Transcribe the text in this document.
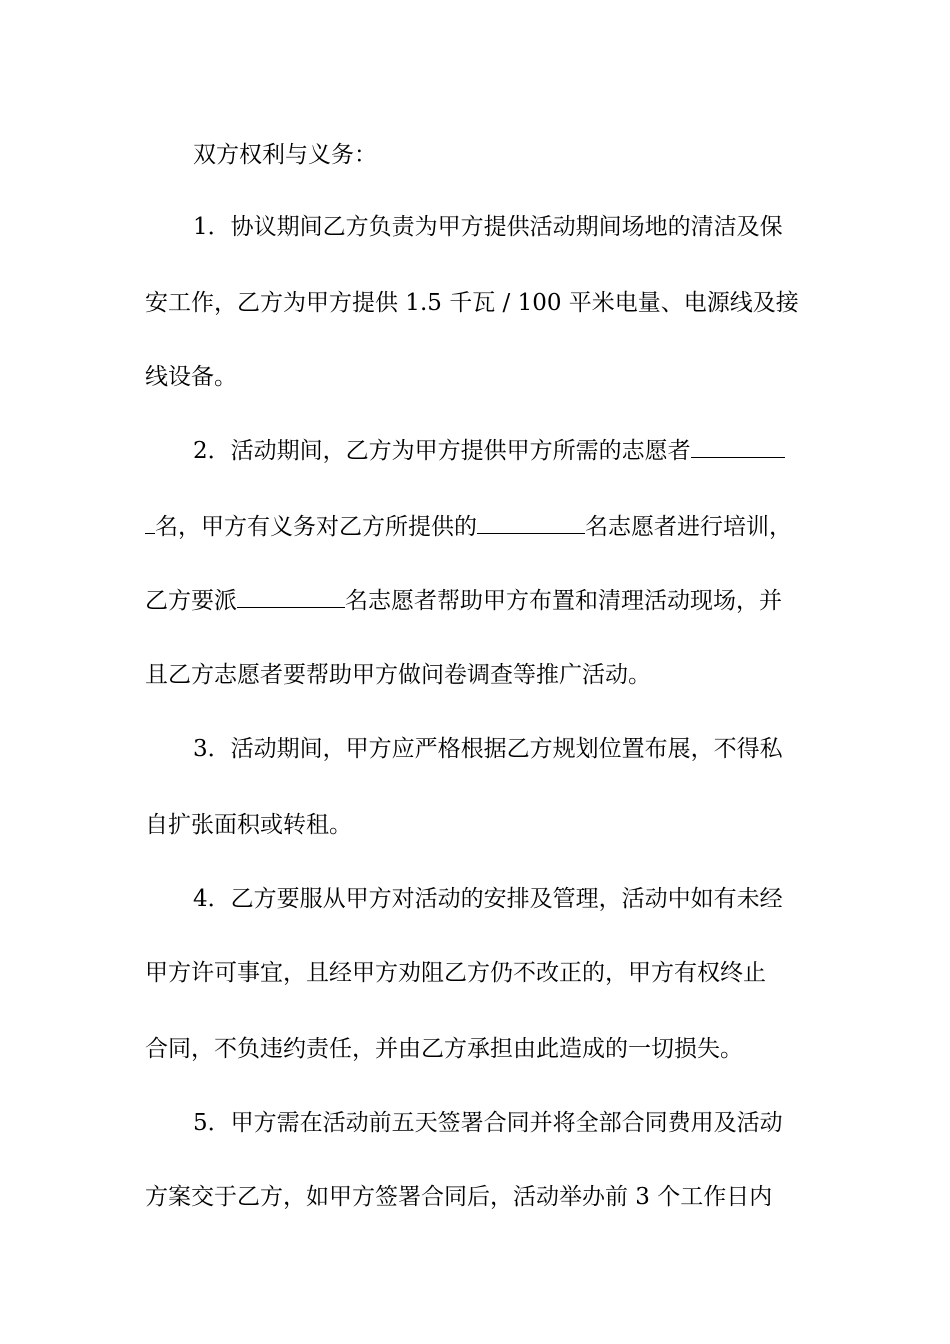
双方权利与义务：
1．协议期间乙方负责为甲方提供活动期间场地的清洁及保
安工作，乙方为甲方提供 1.5 千瓦 / 100 平米电量、电源线及接
线设备。
2．活动期间，乙方为甲方提供甲方所需的志愿者
名，甲方有义务对乙方所提供的	名志愿者进行培训，
乙方要派	名志愿者帮助甲方布置和清理活动现场，并
且乙方志愿者要帮助甲方做问卷调查等推广活动。
3．活动期间，甲方应严格根据乙方规划位置布展，不得私
自扩张面积或转租。
4．乙方要服从甲方对活动的安排及管理，活动中如有未经
甲方许可事宜，且经甲方劝阻乙方仍不改正的，甲方有权终止
合同，不负违约责任，并由乙方承担由此造成的一切损失。
5．甲方需在活动前五天签署合同并将全部合同费用及活动
方案交于乙方，如甲方签署合同后，活动举办前 3 个工作日内
